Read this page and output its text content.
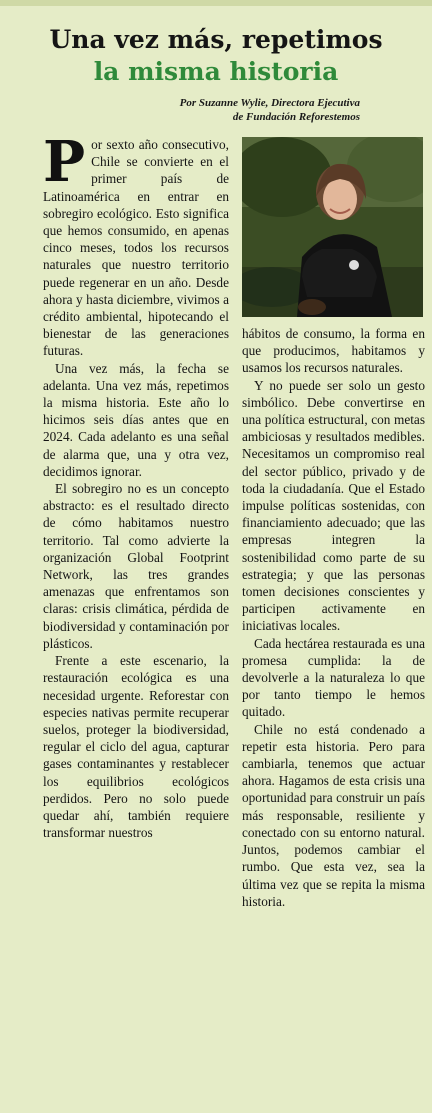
Una vez más, repetimos
la misma historia
Por Suzanne Wylie, Directora Ejecutiva
de Fundación Reforestemos

Por sexto año consecutivo, Chile se convierte en el primer país de Latinoamérica en entrar en sobregiro ecológico. Esto significa que hemos consumido, en apenas cinco meses, todos los recursos naturales que nuestro territorio puede regenerar en un año. Desde ahora y hasta diciembre, vivimos a crédito ambiental, hipotecando el bienestar de las generaciones futuras.

Una vez más, la fecha se adelanta. Una vez más, repetimos la misma historia. Este año lo hicimos seis días antes que en 2024. Cada adelanto es una señal de alarma que, una y otra vez, decidimos ignorar.

El sobregiro no es un concepto abstracto: es el resultado directo de cómo habitamos nuestro territorio. Tal como advierte la organización Global Footprint Network, las tres grandes amenazas que enfrentamos son claras: crisis climática, pérdida de biodiversidad y contaminación por plásticos.

Frente a este escenario, la restauración ecológica es una necesidad urgente. Reforestar con especies nativas permite recuperar suelos, proteger la biodiversidad, regular el ciclo del agua, capturar gases contaminantes y restablecer los equilibrios ecológicos perdidos. Pero no solo puede quedar ahí, también requiere transformar nuestros

hábitos de consumo, la forma en que producimos, habitamos y usamos los recursos naturales.

Y no puede ser solo un gesto simbólico. Debe convertirse en una política estructural, con metas ambiciosas y resultados medibles. Necesitamos un compromiso real del sector público, privado y de toda la ciudadanía. Que el Estado impulse políticas sostenidas, con financiamiento adecuado; que las empresas integren la sostenibilidad como parte de su estrategia; y que las personas tomen decisiones conscientes y participen activamente en iniciativas locales.

Cada hectárea restaurada es una promesa cumplida: la de devolverle a la naturaleza lo que por tanto tiempo le hemos quitado.

Chile no está condenado a repetir esta historia. Pero para cambiarla, tenemos que actuar ahora. Hagamos de esta crisis una oportunidad para construir un país más responsable, resiliente y conectado con su entorno natural. Juntos, podemos cambiar el rumbo. Que esta vez, sea la última vez que se repita la misma historia.
